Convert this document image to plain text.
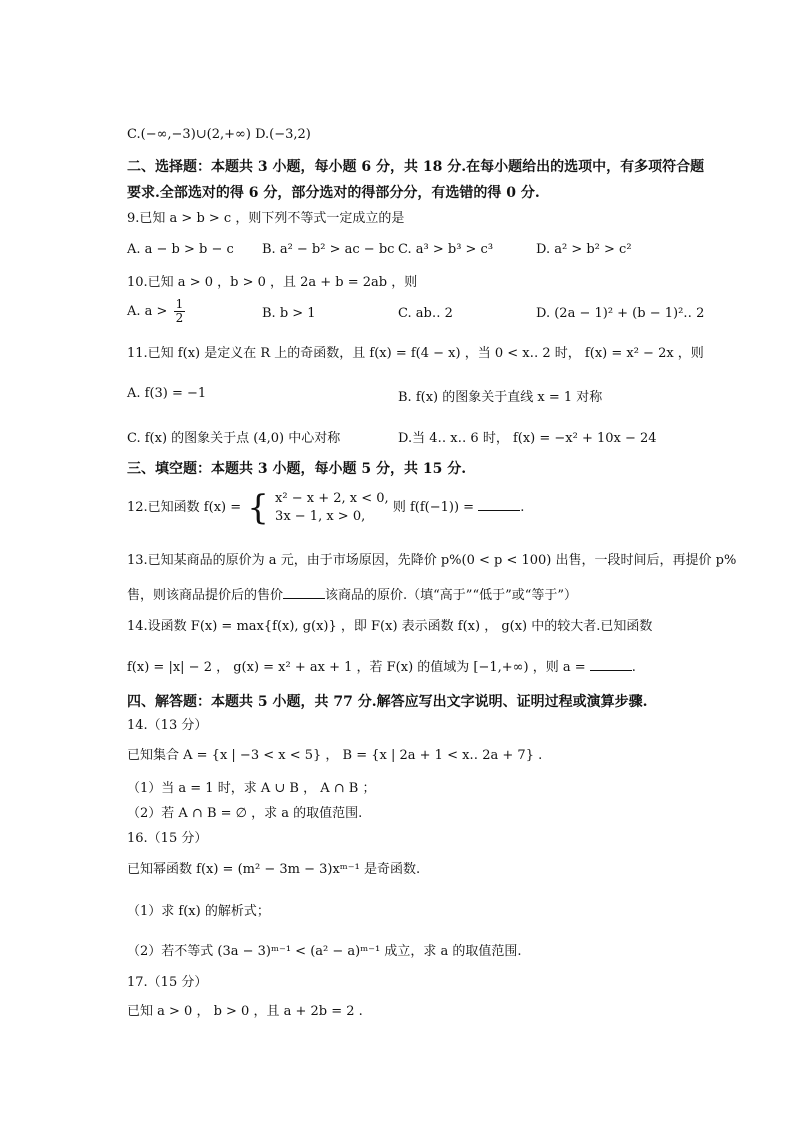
C.(−∞,−3)∪(2,+∞) D.(−3,2)
二、选择题：本题共 3 小题，每小题 6 分，共 18 分.在每小题给出的选项中，有多项符合题
要求.全部选对的得 6 分，部分选对的得部分分，有选错的得 0 分.
9.已知 a > b > c ，则下列不等式一定成立的是
A. a − b > b − c B. a² − b² > ac − bc C. a³ > b³ > c³	D. a² > b² > c²
10.已知 a > 0 ，b > 0 ，且 2a + b = 2ab ，则
A. $a > \frac{1}{2}$	B. b > 1	C. ab‥ 2	D. (2a − 1)² + (b − 1)²‥ 2
11.已知 f(x) 是定义在 R 上的奇函数，且 f(x) = f(4 − x) ，当 0 < x‥ 2 时， f(x) = x² − 2x ，则
A. f(3) = −1	B. f(x) 的图象关于直线 x = 1 对称
C. f(x) 的图象关于点 (4,0) 中心对称	D.当 4‥ x‥ 6 时， f(x) = −x² + 10x − 24
三、填空题：本题共 3 小题，每小题 5 分，共 15 分.
12.已知函数 f(x) = { x² − x + 2, x < 0,
3x − 1, x > 0,
则 f(f(−1)) =	.
13.已知某商品的原价为 a 元，由于市场原因，先降价 p%(0 < p < 100) 出售，一段时间后，再提价 p%
售，则该商品提价后的售价	该商品的原价.（填“高于”“低于”或“等于”）
14.设函数 F(x) = max{f(x), g(x)} ，即 F(x) 表示函数 f(x) ， g(x) 中的较大者.已知函数
f(x) = |x| − 2 ， g(x) = x² + ax + 1 ，若 F(x) 的值域为 [−1,+∞) ，则 a =	.
四、解答题：本题共 5 小题，共 77 分.解答应写出文字说明、证明过程或演算步骤.
14.（13 分）
已知集合 A = {x | −3 < x < 5} ， B = {x | 2a + 1 < x‥ 2a + 7} .
（1）当 a = 1 时，求 A ∪ B ， A ∩ B ；
（2）若 A ∩ B = ∅ ，求 a 的取值范围.
16.（15 分）
已知幂函数 f(x) = (m² − 3m − 3)xᵐ⁻¹ 是奇函数.
（1）求 f(x) 的解析式；
（2）若不等式 (3a − 3)ᵐ⁻¹ < (a² − a)ᵐ⁻¹ 成立，求 a 的取值范围.
17.（15 分）
已知 a > 0 ， b > 0 ，且 a + 2b = 2 .
